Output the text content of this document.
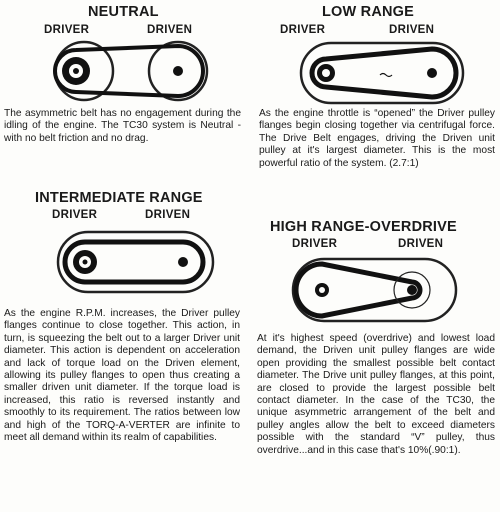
NEUTRAL
DRIVER	DRIVEN

The asymmetric belt has no engagement during the idling of the engine. The TC30 system is Neutral -with no belt friction and no drag.

LOW RANGE
DRIVER	DRIVEN

As the engine throttle is “opened” the Driver pulley flanges begin closing together via centrifugal force. The Drive Belt engages, driving the Driven unit pulley at it's largest diameter. This is the most powerful ratio of the system. (2.7:1)

INTERMEDIATE RANGE
DRIVER	DRIVEN

As the engine R.P.M. increases, the Driver pulley flanges continue to close together. This action, in turn, is squeezing the belt out to a larger Driver unit diameter. This action is dependent on acceleration and lack of torque load on the Driven element, allowing its pulley flanges to open thus creating a smaller driven unit diameter. If the torque load is increased, this ratio is reversed instantly and smoothly to its requirement. The ratios between low and high of the TORQ-A-VERTER are infinite to meet all demand within its realm of capabilities.

HIGH RANGE-OVERDRIVE
DRIVER	DRIVEN

At it's highest speed (overdrive) and lowest load demand, the Driven unit pulley flanges are wide open providing the smallest possible belt contact diameter. The Drive unit pulley flanges, at this point, are closed to provide the largest possible belt contact diameter. In the case of the TC30, the unique asymmetric arrangement of the belt and pulley angles allow the belt to exceed diameters possible with the standard “V” pulley, thus overdrive...and in this case that's 10%(.90:1).
